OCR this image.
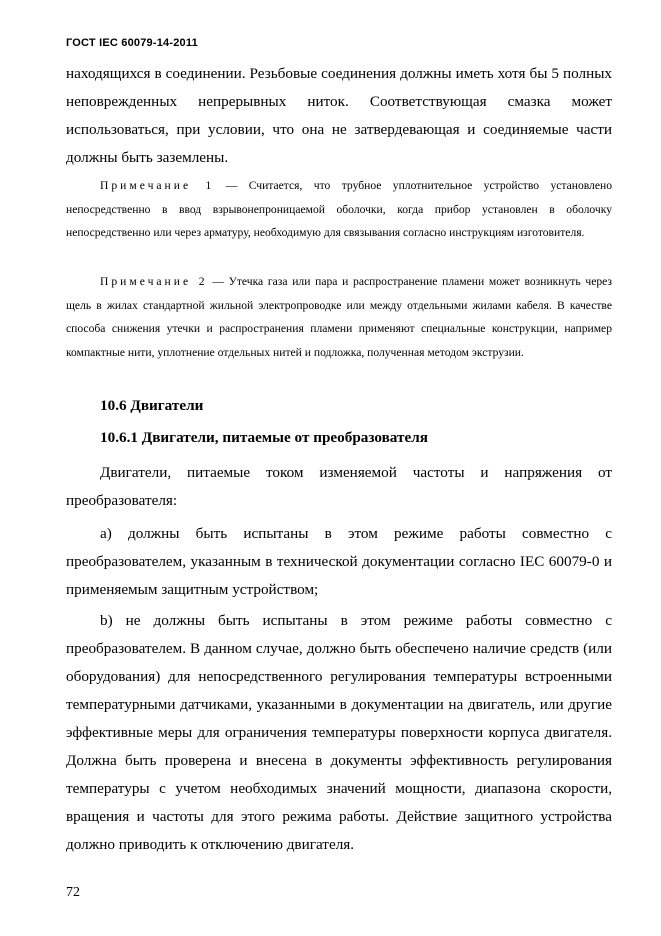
ГОСТ IEC 60079-14-2011

находящихся в соединении. Резьбовые соединения должны иметь хотя бы 5 полных неповрежденных непрерывных ниток. Соответствующая смазка может использоваться, при условии, что она не затвердевающая и соединяемые части должны быть заземлены.

Примечание 1 — Считается, что трубное уплотнительное устройство установлено непосредственно в ввод взрывонепроницаемой оболочки, когда прибор установлен в оболочку непосредственно или через арматуру, необходимую для связывания согласно инструкциям изготовителя.

Примечание 2 — Утечка газа или пара и распространение пламени может возникнуть через щель в жилах стандартной жильной электропроводке или между отдельными жилами кабеля. В качестве способа снижения утечки и распространения пламени применяют специальные конструкции, например компактные нити, уплотнение отдельных нитей и подложка, полученная методом экструзии.

10.6 Двигатели

10.6.1 Двигатели, питаемые от преобразователя

Двигатели, питаемые током изменяемой частоты и напряжения от преобразователя:

a) должны быть испытаны в этом режиме работы совместно с преобразователем, указанным в технической документации согласно IEC 60079-0 и применяемым защитным устройством;

b) не должны быть испытаны в этом режиме работы совместно с преобразователем. В данном случае, должно быть обеспечено наличие средств (или оборудования) для непосредственного регулирования температуры встроенными температурными датчиками, указанными в документации на двигатель, или другие эффективные меры для ограничения температуры поверхности корпуса двигателя. Должна быть проверена и внесена в документы эффективность регулирования температуры с учетом необходимых значений мощности, диапазона скорости, вращения и частоты для этого режима работы. Действие защитного устройства должно приводить к отключению двигателя.

72
